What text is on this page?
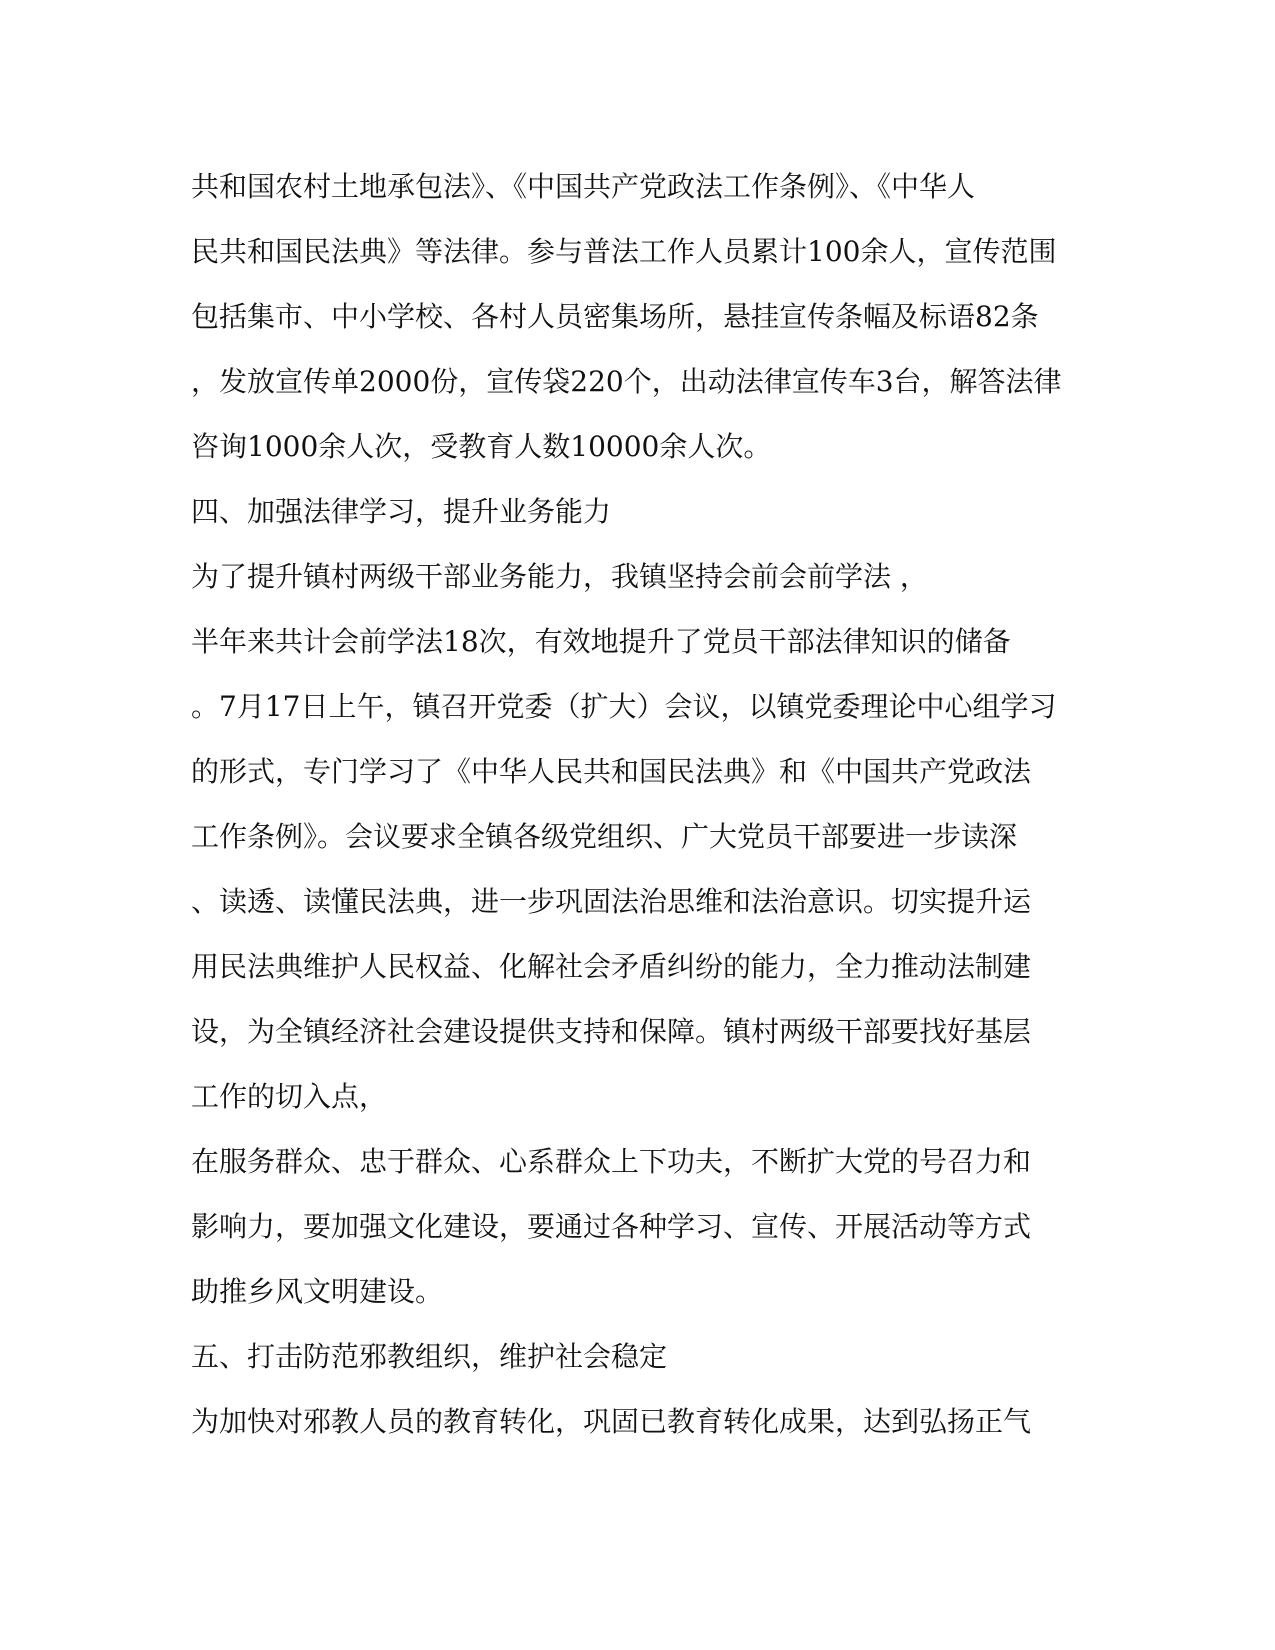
共和国农村土地承包法》、《中国共产党政法工作条例》、《中华人
民共和国民法典》等法律。参与普法工作人员累计100余人，宣传范围
包括集市、中小学校、各村人员密集场所，悬挂宣传条幅及标语82条
，发放宣传单2000份，宣传袋220个，出动法律宣传车3台，解答法律
咨询1000余人次，受教育人数10000余人次。
四、加强法律学习，提升业务能力
为了提升镇村两级干部业务能力，我镇坚持会前会前学法 ，
半年来共计会前学法18次，有效地提升了党员干部法律知识的储备
。7月17日上午，镇召开党委（扩大）会议，以镇党委理论中心组学习
的形式，专门学习了《中华人民共和国民法典》和《中国共产党政法
工作条例》。会议要求全镇各级党组织、广大党员干部要进一步读深
、读透、读懂民法典，进一步巩固法治思维和法治意识。切实提升运
用民法典维护人民权益、化解社会矛盾纠纷的能力，全力推动法制建
设，为全镇经济社会建设提供支持和保障。镇村两级干部要找好基层
工作的切入点，
在服务群众、忠于群众、心系群众上下功夫，不断扩大党的号召力和
影响力，要加强文化建设，要通过各种学习、宣传、开展活动等方式
助推乡风文明建设。
五、打击防范邪教组织，维护社会稳定
为加快对邪教人员的教育转化，巩固已教育转化成果，达到弘扬正气
